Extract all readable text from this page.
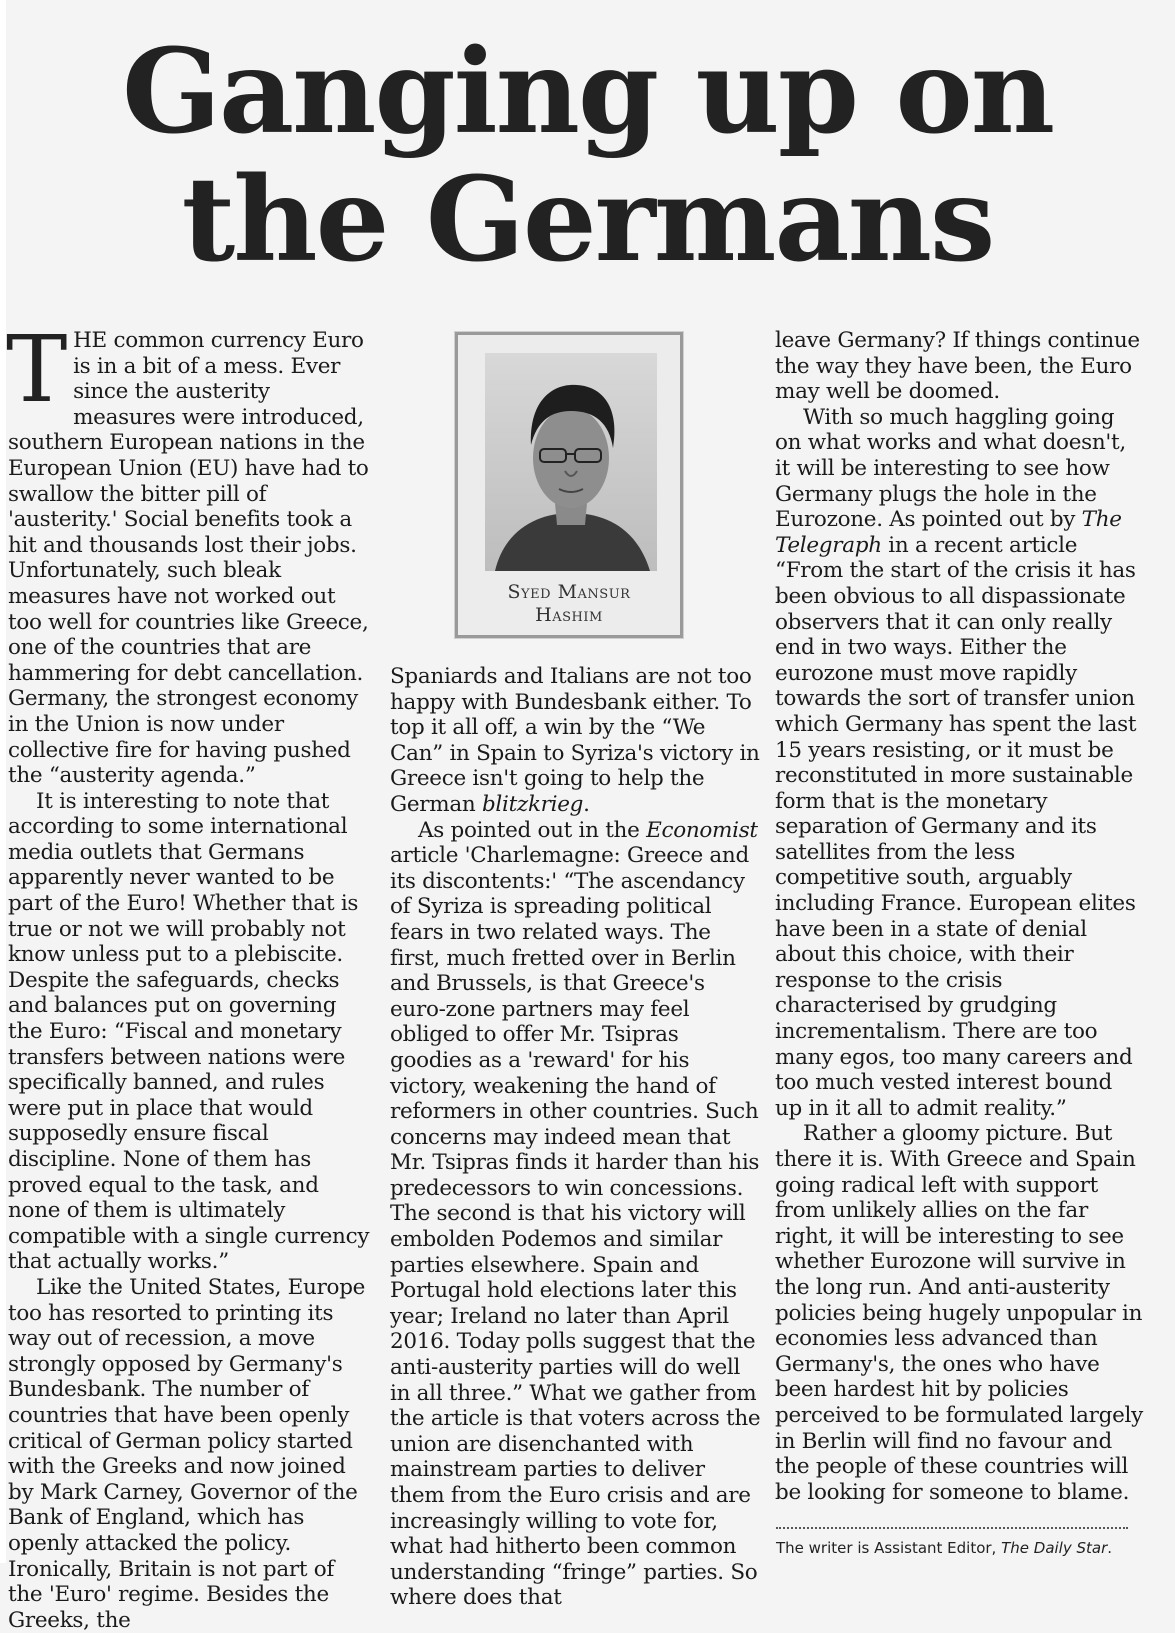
Ganging up on
the Germans

T HE common currency Euro is in a bit of a mess. Ever since the austerity measures were introduced, southern European nations in the European Union (EU) have had to swallow the bitter pill of 'austerity.' Social benefits took a hit and thousands lost their jobs. Unfortunately, such bleak measures have not worked out too well for countries like Greece, one of the countries that are hammering for debt cancellation. Germany, the strongest economy in the Union is now under collective fire for having pushed the “austerity agenda.”

It is interesting to note that according to some international media outlets that Germans apparently never wanted to be part of the Euro! Whether that is true or not we will probably not know unless put to a plebiscite. Despite the safeguards, checks and balances put on governing the Euro: “Fiscal and monetary transfers between nations were specifically banned, and rules were put in place that would supposedly ensure fiscal discipline. None of them has proved equal to the task, and none of them is ultimately compatible with a single currency that actually works.”

Like the United States, Europe too has resorted to printing its way out of recession, a move strongly opposed by Germany's Bundesbank. The number of countries that have been openly critical of German policy started with the Greeks and now joined by Mark Carney, Governor of the Bank of England, which has openly attacked the policy. Ironically, Britain is not part of the 'Euro' regime. Besides the Greeks, the

Syed Mansur
Hashim

Spaniards and Italians are not too happy with Bundesbank either. To top it all off, a win by the “We Can” in Spain to Syriza's victory in Greece isn't going to help the German blitzkrieg.

As pointed out in the Economist article 'Charlemagne: Greece and its discontents:' “The ascendancy of Syriza is spreading political fears in two related ways. The first, much fretted over in Berlin and Brussels, is that Greece's euro-zone partners may feel obliged to offer Mr. Tsipras goodies as a 'reward' for his victory, weakening the hand of reformers in other countries. Such concerns may indeed mean that Mr. Tsipras finds it harder than his predecessors to win concessions. The second is that his victory will embolden Podemos and similar parties elsewhere. Spain and Portugal hold elections later this year; Ireland no later than April 2016. Today polls suggest that the anti-austerity parties will do well in all three.” What we gather from the article is that voters across the union are disenchanted with mainstream parties to deliver them from the Euro crisis and are increasingly willing to vote for, what had hitherto been common understanding “fringe” parties. So where does that

leave Germany? If things continue the way they have been, the Euro may well be doomed.

With so much haggling going on what works and what doesn't, it will be interesting to see how Germany plugs the hole in the Eurozone. As pointed out by The Telegraph in a recent article “From the start of the crisis it has been obvious to all dispassionate observers that it can only really end in two ways. Either the eurozone must move rapidly towards the sort of transfer union which Germany has spent the last 15 years resisting, or it must be reconstituted in more sustainable form that is the monetary separation of Germany and its satellites from the less competitive south, arguably including France. European elites have been in a state of denial about this choice, with their response to the crisis characterised by grudging incrementalism. There are too many egos, too many careers and too much vested interest bound up in it all to admit reality.”

Rather a gloomy picture. But there it is. With Greece and Spain going radical left with support from unlikely allies on the far right, it will be interesting to see whether Eurozone will survive in the long run. And anti-austerity policies being hugely unpopular in economies less advanced than Germany's, the ones who have been hardest hit by policies perceived to be formulated largely in Berlin will find no favour and the people of these countries will be looking for someone to blame.

The writer is Assistant Editor, The Daily Star.
